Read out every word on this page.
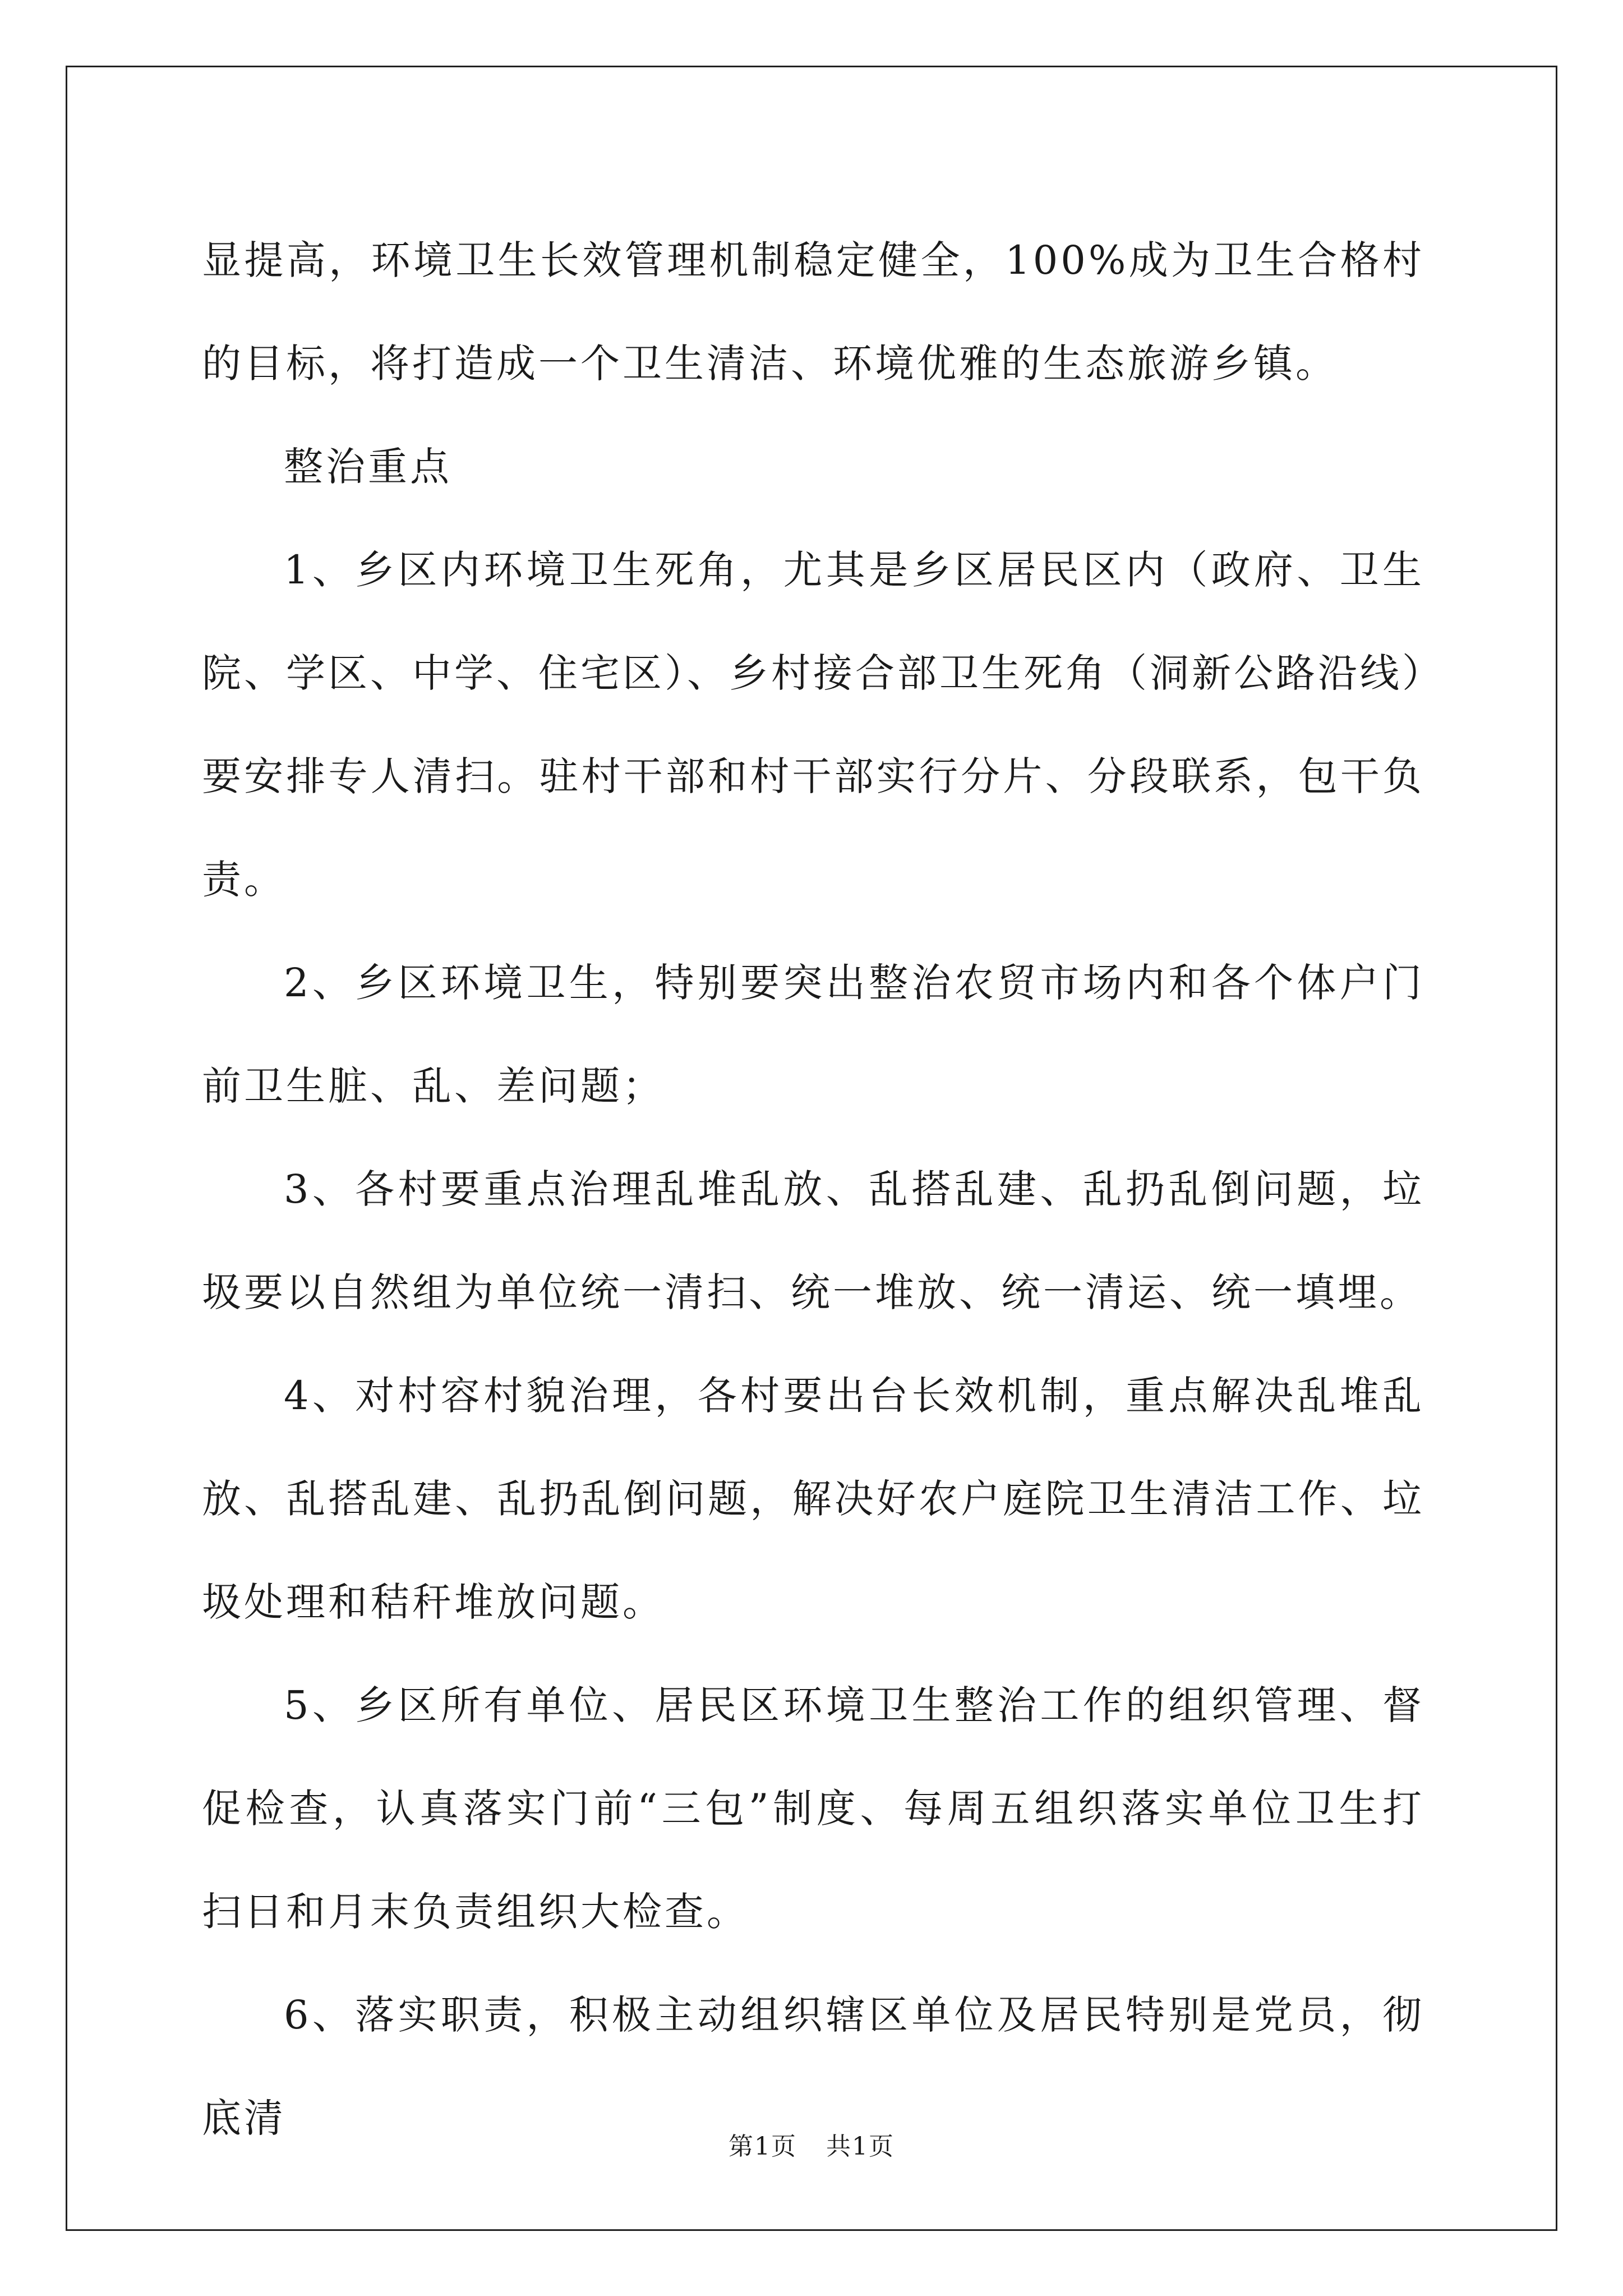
显提高，环境卫生长效管理机制稳定健全，100%成为卫生合格村的目标，将打造成一个卫生清洁、环境优雅的生态旅游乡镇。

整治重点

1、乡区内环境卫生死角，尤其是乡区居民区内（政府、卫生院、学区、中学、住宅区）、乡村接合部卫生死角（洞新公路沿线）要安排专人清扫。驻村干部和村干部实行分片、分段联系，包干负责。

2、乡区环境卫生，特别要突出整治农贸市场内和各个体户门前卫生脏、乱、差问题；

3、各村要重点治理乱堆乱放、乱搭乱建、乱扔乱倒问题，垃圾要以自然组为单位统一清扫、统一堆放、统一清运、统一填埋。

4、对村容村貌治理，各村要出台长效机制，重点解决乱堆乱放、乱搭乱建、乱扔乱倒问题，解决好农户庭院卫生清洁工作、垃圾处理和秸秆堆放问题。

5、乡区所有单位、居民区环境卫生整治工作的组织管理、督促检查，认真落实门前“三包”制度、每周五组织落实单位卫生打扫日和月末负责组织大检查。

6、落实职责，积极主动组织辖区单位及居民特别是党员，彻底清

第1页 共1页
